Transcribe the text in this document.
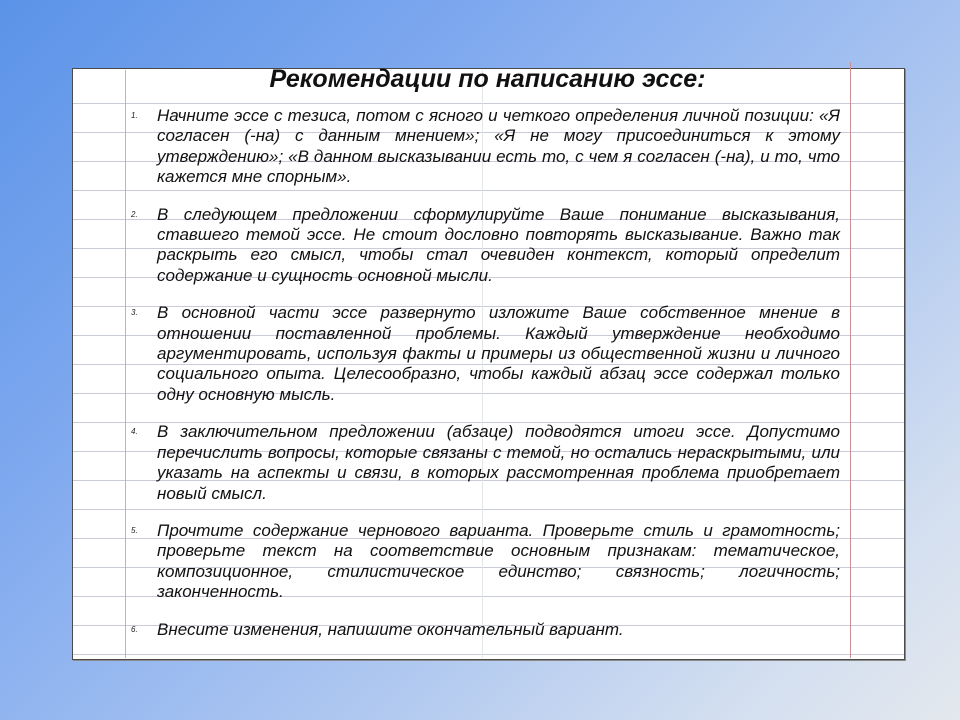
Рекомендации по написанию эссе:
1. Начните эссе с тезиса, потом с ясного и четкого определения личной позиции: «Я согласен (-на) с данным мнением»; «Я не могу присоединиться к этому утверждению»; «В данном высказывании есть то, с чем я согласен (-на), и то, что кажется мне спорным».
2. В следующем предложении сформулируйте Ваше понимание высказывания, ставшего темой эссе. Не стоит дословно повторять высказывание. Важно так раскрыть его смысл, чтобы стал очевиден контекст, который определит содержание и сущность основной мысли.
3. В основной части эссе развернуто изложите Ваше собственное мнение в отношении поставленной проблемы. Каждый утверждение необходимо аргументировать, используя факты и примеры из общественной жизни и личного социального опыта. Целесообразно, чтобы каждый абзац эссе содержал только одну основную мысль.
4. В заключительном предложении (абзаце) подводятся итоги эссе. Допустимо перечислить вопросы, которые связаны с темой, но остались нераскрытыми, или указать на аспекты и связи, в которых рассмотренная проблема приобретает новый смысл.
5. Прочтите содержание чернового варианта. Проверьте стиль и грамотность; проверьте текст на соответствие основным признакам: тематическое, композиционное, стилистическое единство; связность; логичность; законченность.
6. Внесите изменения, напишите окончательный вариант.
